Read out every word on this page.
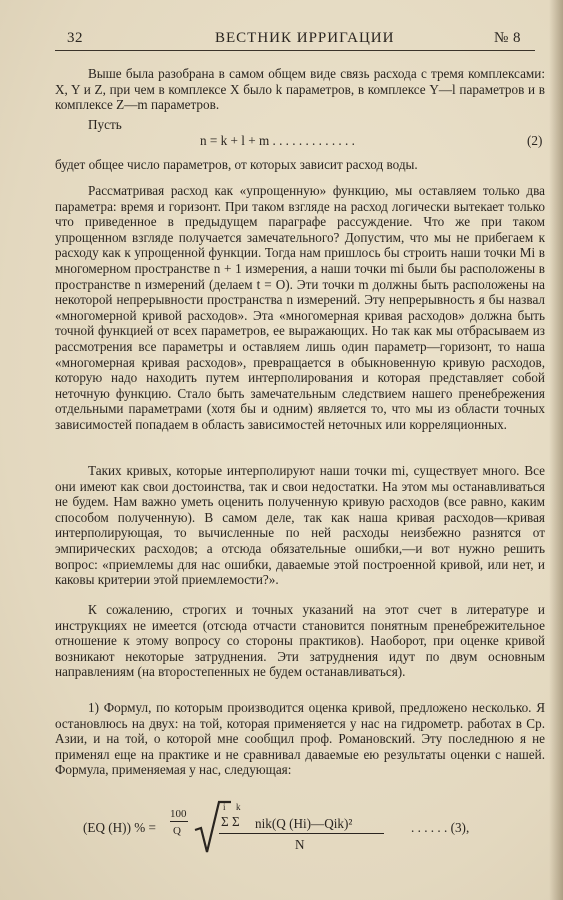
32	ВЕСТНИК ИРРИГАЦИИ	№ 8

Выше была разобрана в самом общем виде связь расхода с тремя комплексами: X, Y и Z, при чем в комплексе X было k параметров, в комплексе Y—l параметров и в комплексе Z—m параметров.

Пусть
n = k + l + m . . . . . . . . . . . . .	(2)

будет общее число параметров, от которых зависит расход воды.

Рассматривая расход как «упрощенную» функцию, мы оставляем только два параметра: время и горизонт. При таком взгляде на расход логически вытекает только что приведенное в предыдущем параграфе рассуждение. Что же при таком упрощенном взгляде получается замечательного? Допустим, что мы не прибегаем к расходу как к упрощенной функции. Тогда нам пришлось бы строить наши точки Mi в многомерном пространстве n + 1 измерения, а наши точки mi были бы расположены в пространстве n измерений (делаем t = O). Эти точки m должны быть расположены на некоторой непрерывности пространства n измерений. Эту непрерывность я бы назвал «многомерной кривой расходов». Эта «многомерная кривая расходов» должна быть точной функцией от всех параметров, ее выражающих. Но так как мы отбрасываем из рассмотрения все параметры и оставляем лишь один параметр—горизонт, то наша «многомерная кривая расходов», превращается в обыкновенную кривую расходов, которую надо находить путем интерполирования и которая представляет собой неточную функцию. Стало быть замечательным следствием нашего пренебрежения отдельными параметрами (хотя бы и одним) является то, что мы из области точных зависимостей попадаем в область зависимостей неточных или корреляционных.

Таких кривых, которые интерполируют наши точки mi, существует много. Все они имеют как свои достоинства, так и свои недостатки. На этом мы останавливаться не будем. Нам важно уметь оценить полученную кривую расходов (все равно, каким способом полученную). В самом деле, так как наша кривая расходов—кривая интерполирующая, то вычисленные по ней расходы неизбежно разнятся от эмпирических расходов; а отсюда обязательные ошибки,—и вот нужно решить вопрос: «приемлемы для нас ошибки, даваемые этой построенной кривой, или нет, и каковы критерии этой приемлемости?».

К сожалению, строгих и точных указаний на этот счет в литературе и инструкциях не имеется (отсюда отчасти становится понятным пренебрежительное отношение к этому вопросу со стороны практиков). Наоборот, при оценке кривой возникают некоторые затруднения. Эти затруднения идут по двум основным направлениям (на второстепенных не будем останавливаться).

1) Формул, по которым производится оценка кривой, предложено несколько. Я остановлюсь на двух: на той, которая применяется у нас на гидрометр. работах в Ср. Азии, и на той, о которой мне сообщил проф. Романовский. Эту последнюю я не применял еще на практике и не сравнивал даваемые ею результаты оценки с нашей. Формула, применяемая у нас, следующая:

(EQ (H)) % =
100
Q
i k
Σ Σ nik(Q (Hi)—Qik)²
N
. . . . . . (3),
